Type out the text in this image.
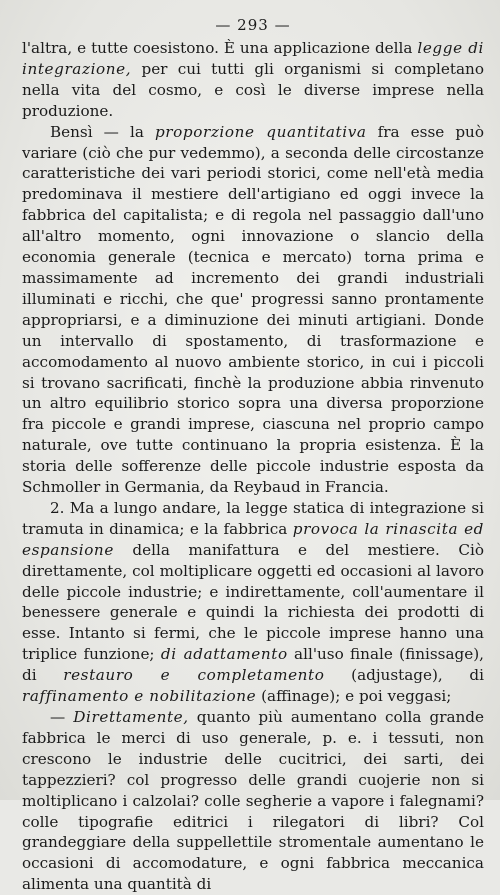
— 293 —

l'altra, e tutte coesistono. È una applicazione della legge di integrazione, per cui tutti gli organismi si completano nella vita del cosmo, e così le diverse imprese nella produzione.

Bensì — la proporzione quantitativa fra esse può variare (ciò che pur vedemmo), a seconda delle circostanze caratteristiche dei vari periodi storici, come nell'età media predominava il mestiere dell'artigiano ed oggi invece la fabbrica del capitalista; e di regola nel passaggio dall'uno all'altro momento, ogni innovazione o slancio della economia generale (tecnica e mercato) torna prima e massimamente ad incremento dei grandi industriali illuminati e ricchi, che que' progressi sanno prontamente appropriarsi, e a diminuzione dei minuti artigiani. Donde un intervallo di spostamento, di trasformazione e accomodamento al nuovo ambiente storico, in cui i piccoli si trovano sacrificati, finchè la produzione abbia rinvenuto un altro equilibrio storico sopra una diversa proporzione fra piccole e grandi imprese, ciascuna nel proprio campo naturale, ove tutte continuano la propria esistenza. È la storia delle sofferenze delle piccole industrie esposta da Schmoller in Germania, da Reybaud in Francia.

2. Ma a lungo andare, la legge statica di integrazione si tramuta in dinamica; e la fabbrica provoca la rinascita ed espansione della manifattura e del mestiere. Ciò direttamente, col moltiplicare oggetti ed occasioni al lavoro delle piccole industrie; e indirettamente, coll'aumentare il benessere generale e quindi la richiesta dei prodotti di esse. Intanto si fermi, che le piccole imprese hanno una triplice funzione; di adattamento all'uso finale (finissage), di restauro e completamento (adjustage), di raffinamento e nobilitazione (affinage); e poi veggasi;

— Direttamente, quanto più aumentano colla grande fabbrica le merci di uso generale, p. e. i tessuti, non crescono le industrie delle cucitrici, dei sarti, dei tappezzieri? col progresso delle grandi cuojerie non si moltiplicano i calzolai? colle segherie a vapore i falegnami? colle tipografie editrici i rilegatori di libri? Col grandeggiare della suppellettile stromentale aumentano le occasioni di accomodature, e ogni fabbrica meccanica alimenta una quantità di
